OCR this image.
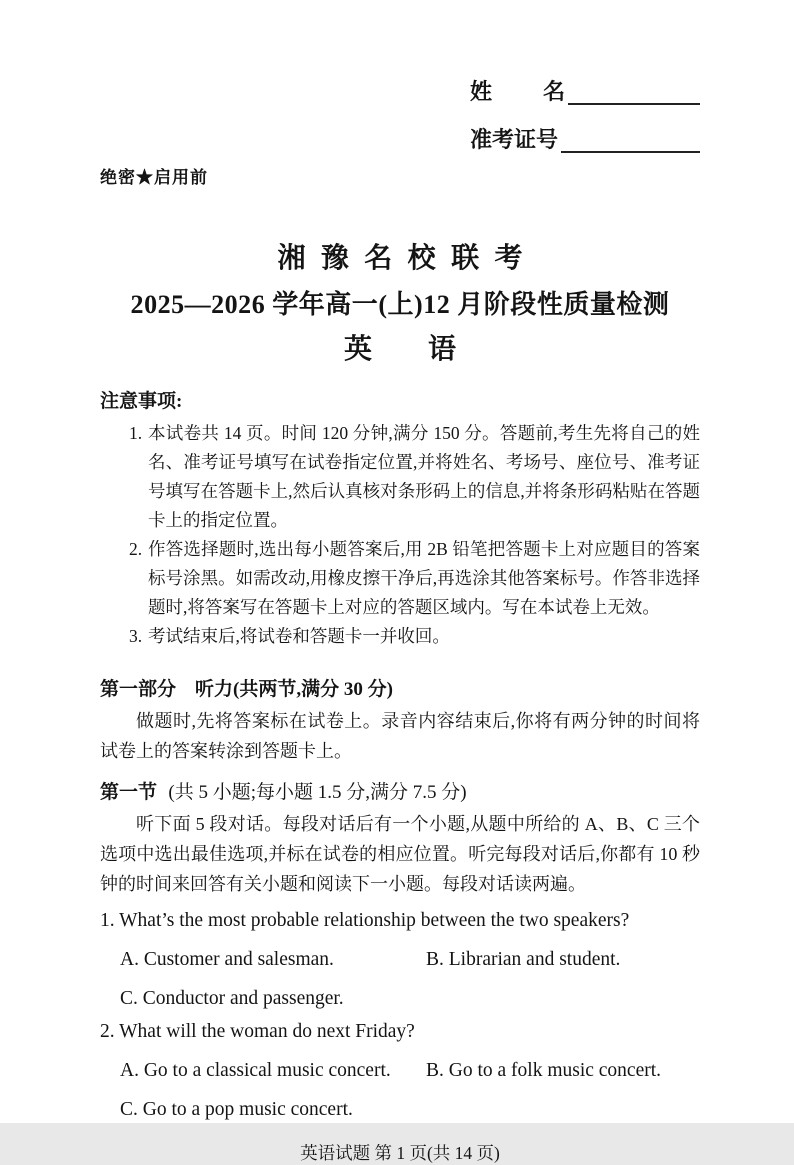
姓 名
准考证号
绝密★启用前
湘豫名校联考
2025—2026 学年高一(上)12 月阶段性质量检测
英　　语
注意事项:
1. 本试卷共 14 页。时间 120 分钟,满分 150 分。答题前,考生先将自己的姓名、准考证号填写在试卷指定位置,并将姓名、考场号、座位号、准考证号填写在答题卡上,然后认真核对条形码上的信息,并将条形码粘贴在答题卡上的指定位置。
2. 作答选择题时,选出每小题答案后,用 2B 铅笔把答题卡上对应题目的答案标号涂黑。如需改动,用橡皮擦干净后,再选涂其他答案标号。作答非选择题时,将答案写在答题卡上对应的答题区域内。写在本试卷上无效。
3. 考试结束后,将试卷和答题卡一并收回。
第一部分　听力(共两节,满分 30 分)

做题时,先将答案标在试卷上。录音内容结束后,你将有两分钟的时间将试卷上的答案转涂到答题卡上。

第一节 (共 5 小题;每小题 1.5 分,满分 7.5 分)

听下面 5 段对话。每段对话后有一个小题,从题中所给的 A、B、C 三个选项中选出最佳选项,并标在试卷的相应位置。听完每段对话后,你都有 10 秒钟的时间来回答有关小题和阅读下一小题。每段对话读两遍。

1. What’s the most probable relationship between the two speakers?
A. Customer and salesman.	B. Librarian and student.
C. Conductor and passenger.
2. What will the woman do next Friday?
A. Go to a classical music concert.	B. Go to a folk music concert.
C. Go to a pop music concert.
英语试题 第 1 页(共 14 页)
